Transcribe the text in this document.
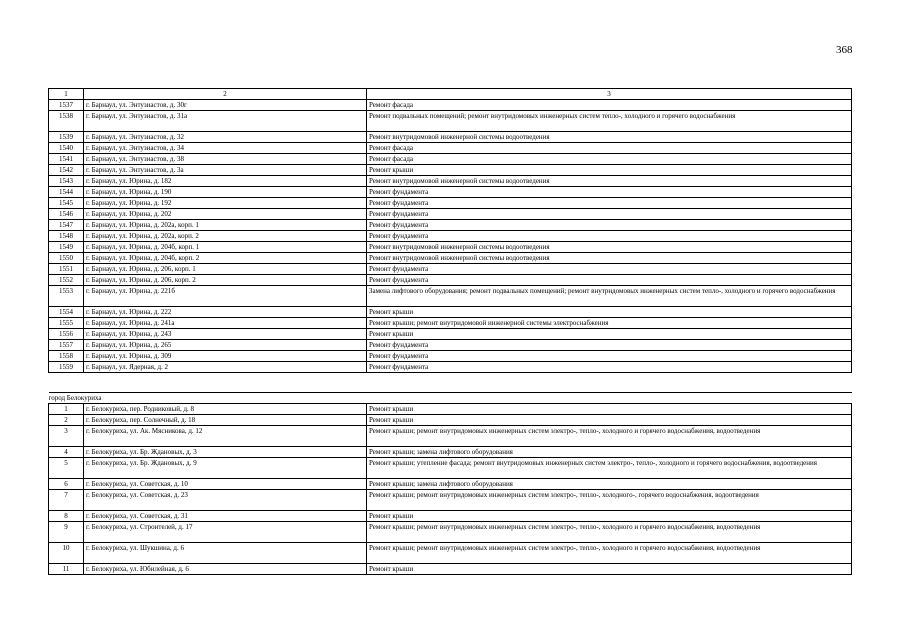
368
1	2	3
1537	г. Барнаул, ул. Энтузиастов, д. 30г	Ремонт фасада
1538	г. Барнаул, ул. Энтузиастов, д. 31а	Ремонт подвальных помещений; ремонт внутридомовых инженерных систем тепло-, холодного и горячего водоснабжения
1539	г. Барнаул, ул. Энтузиастов, д. 32	Ремонт внутридомовой инженерной системы водоотведения
1540	г. Барнаул, ул. Энтузиастов, д. 34	Ремонт фасада
1541	г. Барнаул, ул. Энтузиастов, д. 38	Ремонт фасада
1542	г. Барнаул, ул. Энтузиастов, д. 3а	Ремонт крыши
1543	г. Барнаул, ул. Юрина, д. 182	Ремонт внутридомовой инженерной системы водоотведения
1544	г. Барнаул, ул. Юрина, д. 190	Ремонт фундамента
1545	г. Барнаул, ул. Юрина, д. 192	Ремонт фундамента
1546	г. Барнаул, ул. Юрина, д. 202	Ремонт фундамента
1547	г. Барнаул, ул. Юрина, д. 202а, корп. 1	Ремонт фундамента
1548	г. Барнаул, ул. Юрина, д. 202а, корп. 2	Ремонт фундамента
1549	г. Барнаул, ул. Юрина, д. 204б, корп. 1	Ремонт внутридомовой инженерной системы водоотведения
1550	г. Барнаул, ул. Юрина, д. 204б, корп. 2	Ремонт внутридомовой инженерной системы водоотведения
1551	г. Барнаул, ул. Юрина, д. 206, корп. 1	Ремонт фундамента
1552	г. Барнаул, ул. Юрина, д. 206, корп. 2	Ремонт фундамента
1553	г. Барнаул, ул. Юрина, д. 221б	Замена лифтового оборудования; ремонт подвальных помещений; ремонт внутридомовых инженерных систем тепло-, холодного и горячего водоснабжения
1554	г. Барнаул, ул. Юрина, д. 222	Ремонт крыши
1555	г. Барнаул, ул. Юрина, д. 241а	Ремонт крыши; ремонт внутридомовой инженерной системы электроснабжения
1556	г. Барнаул, ул. Юрина, д. 243	Ремонт крыши
1557	г. Барнаул, ул. Юрина, д. 265	Ремонт фундамента
1558	г. Барнаул, ул. Юрина, д. 309	Ремонт фундамента
1559	г. Барнаул, ул. Ядерная, д. 2	Ремонт фундамента

город Белокуриха		
1	г. Белокуриха, пер. Родниковый, д. 8	Ремонт крыши
2	г. Белокуриха, пер. Солнечный, д. 18	Ремонт крыши
3	г. Белокуриха, ул. Ак. Мясникова, д. 12	Ремонт крыши; ремонт внутридомовых инженерных систем электро-, тепло-, холодного и горячего водоснабжения, водоотведения
4	г. Белокуриха, ул. Бр. Ждановых, д. 3	Ремонт крыши; замена лифтового оборудования
5	г. Белокуриха, ул. Бр. Ждановых, д. 9	Ремонт крыши; утепление фасада; ремонт внутридомовых инженерных систем электро-, тепло-, холодного и горячего водоснабжения, водоотведения
6	г. Белокуриха, ул. Советская, д. 10	Ремонт крыши; замена лифтового оборудования
7	г. Белокуриха, ул. Советская, д. 23	Ремонт крыши; ремонт внутридомовых инженерных систем электро-, тепло-, холодного-, горячего водоснабжения, водоотведения
8	г. Белокуриха, ул. Советская, д. 31	Ремонт крыши
9	г. Белокуриха, ул. Строителей, д. 17	Ремонт крыши; ремонт внутридомовых инженерных систем электро-, тепло-, холодного и горячего водоснабжения, водоотведения
10	г. Белокуриха, ул. Шукшина, д. 6	Ремонт крыши; ремонт внутридомовых инженерных систем электро-, тепло-, холодного и горячего водоснабжения, водоотведения
11	г. Белокуриха, ул. Юбилейная, д. 6	Ремонт крыши
